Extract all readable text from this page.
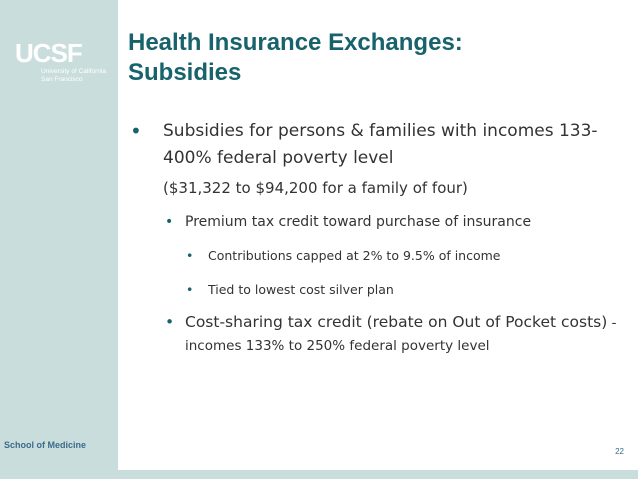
UCSF
University of California
San Francisco
School of Medicine
Health Insurance Exchanges:
Subsidies
• Subsidies for persons & families with incomes 133-400% federal poverty level
($31,322 to $94,200 for a family of four)
• Premium tax credit toward purchase of insurance
• Contributions capped at 2% to 9.5% of income
• Tied to lowest cost silver plan
• Cost-sharing tax credit (rebate on Out of Pocket costs) - incomes 133% to 250% federal poverty level
22
